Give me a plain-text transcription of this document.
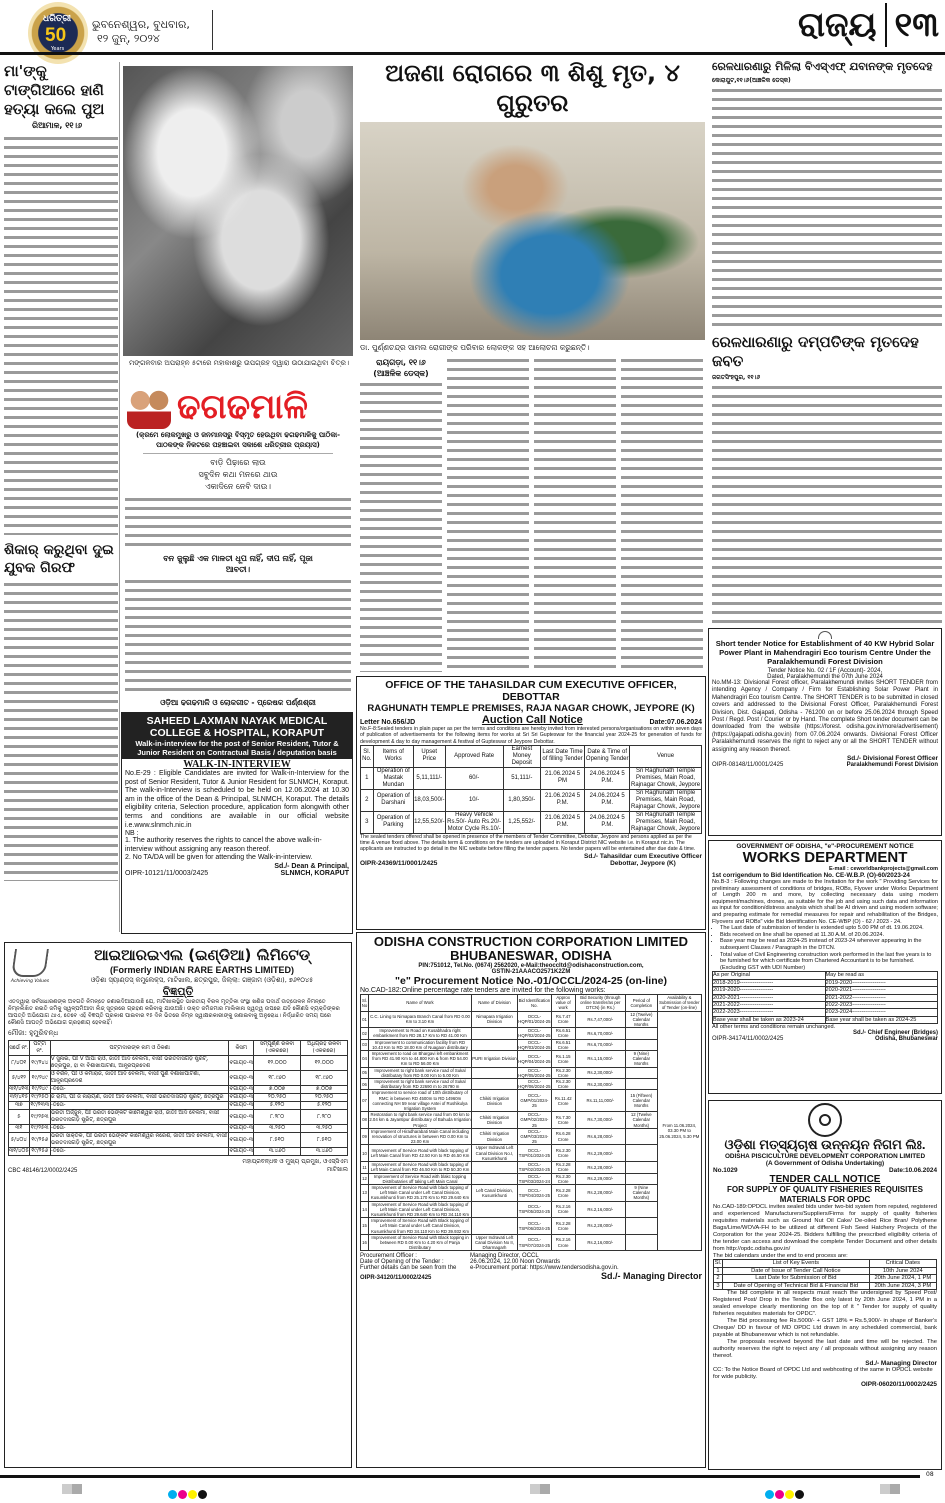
ଧରିତ୍ରୀ
50
Years
ଭୁବନେଶ୍ୱର, ବୁଧବାର,
୧୨ ଜୁନ୍, ୨୦୨୪	ରାଜ୍ୟ ୧୩
ମା'ଙ୍କୁ ଟାଙ୍ଗିଆରେ ହାଣି ହତ୍ୟା କଲେ ପୁଅ
ରିଆମାଳ, ୧୧।୬
ଶିକାର୍ କରୁଥିବା ଦୁଇ ଯୁବକ ଗିରଫ
ମଙ୍ଗଳବାର ଅପରାହ୍ନ ୫ଟାରେ ମହାକାଶରୁ ଉପଗ୍ରହ ଦ୍ୱାରା ଉଠାଯାଇଥିବା ଚିତ୍ର।
ଢଗଢମାଳି
(କ୍ରମେ ଲୋକମୁଖରୁ ଓ ଜନମାନସରୁ ବିସ୍ମୃତ ହେଉଥିବା ଢଗଢମାଳିକୁ ପାଠିକା-ପାଠକଙ୍କ ନିକଟରେ ପହଞ୍ଚାଇବା ସକାଶେ ଧରିତ୍ରୀର ପ୍ରୟାସ)
ବାଡ଼ି ପିଢ଼ାରେ ଲାଉ
ସବୁଦିନ କଥା ମନରେ ଥାଉ
ଏକାଦିନେ ନେବି ଦାଉ।
ବନ ଜୁଲୁଛି ଏକ ମାଳତୀ ଧୂପ ନାହିଁ, ଦୀପ ନାହିଁ, ପୂଜା ଆବତୀ।
ଓଡ଼ିଆ ଢଗଢମାଳି ଓ ଲୋକଗୀତ - ପ୍ରେଷକ ପର୍ଣ୍ଣଶ୍ରୀ
SAHEED LAXMAN NAYAK MEDICAL COLLEGE & HOSPITAL, KORAPUT
Walk-in-interview for the post of Senior Resident, Tutor & Junior Resident on Contractual Basis / deputation basis
WALK-IN-INTERVIEW
No.E-29 : Eligible Candidates are invited for Walk-in-Interview for the post of Senior Resident, Tutor & Junior Resident for SLNMCH, Koraput. The walk-in-Interview is scheduled to be held on 12.06.2024 at 10.30 am in the office of the Dean & Principal, SLNMCH, Koraput. The details eligibility criteria, Selection procedure, application form alongwith other terms and conditions are available in our official website i.e.www.slnmch.nic.in
NB :
1. The authority reserves the rights to cancel the above walk-in-interview without assigning any reason thereof.
2. No TA/DA will be given for attending the Walk-in-interview.
Sd./- Dean & Principal,
OIPR-10121/11/0003/2425	SLNMCH, KORAPUT
ଅଜଣା ରୋଗରେ ୩ ଶିଶୁ ମୃତ, ୪ ଗୁରୁତର
ଡା. ପୁର୍ଣ୍ଣଚନ୍ଦ୍ର ସାମଲ ରୋଗୀଙ୍କ ପରିବାର ଲୋକଙ୍କ ସହ ଆଲୋଚନା କରୁଛନ୍ତି।
ରାୟଗଡ଼ା, ୧୧।୬
(ଆଞ୍ଚଳିକ ଡେସ୍କ)
OFFICE OF THE TAHASILDAR CUM EXECUTIVE OFFICER, DEBOTTAR
RAGHUNATH TEMPLE PREMISES, RAJA NAGAR CHOWK, JEYPORE (K)
Letter No.656/JD	Auction Call Notice	Date:07.06.2024
No.F-8:Sealed tenders in plain paper as per the terms and conditions are hereby invited from interested persons/organisations on within seven days of publication of advertisements for the following items for works at Sri Sri Gupteswar for the financial year 2024-25 for generation of funds for development & day to day management & festival of Gupteswar of Jeypore Debottar.
Sl. No.	Items of Works	Upset Price	Approved Rate	Earnest Money Deposit	Last Date Time of filling Tender	Date & Time of Opening Tender	Venue
1	Operation of Mastak Mundan	5,11,111/-	60/-	51,111/-	21.06.2024 5 PM	24.06.2024 5 P.M.	Sri Raghunath Temple Premises, Main Road, Rajnagar Chowk, Jeypore
2	Operation of Darshani	18,03,500/-	10/-	1,80,350/-	21.06.2024 5 P.M.	24.06.2024 5 P.M.	Sri Raghunath Temple Premises, Main Road, Rajnagar Chowk, Jeypore
3	Operation of Parking	12,55,520/-	Heavy Vehicle Rs.50/- Auto Rs.20/- Motor Cycle Rs.10/-	1,25,552/-	21.06.2024 5 P.M.	24.06.2024 5 P.M.	Sri Raghunath Temple Premises, Main Road, Rajnagar Chowk, Jeypore
The sealed tenders offered shall be opened in presence of the members of Tender Committee, Debottar, Jeypore and persons applied as per the time & venue fixed above. The details term & conditions on the tenders are uploaded in Koraput District NIC website i.e. in Koraput nic.in. The applicants are instructed to go detail in the NIC website before filling the tender papers. No tender papers will be entertained after due date & time.
OIPR-24369/11/0001/2425
Sd./- Tahasildar cum Executive Officer
Debottar, Jeypore (K)
ରେଳଧାରଣାରୁ ମିଳିଲା ବିଏସ୍‌ଏଫ୍ ଯବାନଙ୍କ ମୃତଦେହ
କୋରାପୁଟ,୧୧।୬(ଆଞ୍ଚଳିକ ଡେସ୍କ)
ରେଳଧାରଣାରୁ ଦମ୍ପତିଙ୍କ ମୃତଦେହ ଜବତ
ଜଗତସିଂହପୁର, ୧୧।୬
Short tender Notice for Establishment of 40 KW Hybrid Solar Power Plant in Mahendragiri Eco tourism Centre Under the Paralakhemundi Forest Division
Tender Notice No. 02 / 1F (Account)- 2024,
Dated, Paralakhemundi the 07th June 2024
No.MM-13: Divisional Forest officer, Paralakhemundi invites SHORT TENDER from intending Agency / Company / Firm for Establishing Solar Power Plant in Mahendragiri Eco tourism Centre. The SHORT TENDER is to be submitted in closed covers and addressed to the Divisional Forest Officer, Paralakhemundi Forest Division, Dist. Gajapati, Odisha - 761200 on or before 25.06.2024 through Speed Post / Regd. Post / Courier or by Hand. The complete Short tender document can be downloaded from the website (https://forest. odisha.gov.in/more/advertisement) (https://gajapati.odisha.gov.in) from 07.06.2024 onwards. Divisional Forest Officer Paralakhemundi reserves the right to reject any or all the SHORT TENDER without assigning any reason thereof.
Sd./- Divisional Forest Officer
OIPR-08148/11/0001/2425	Paralakhemundi Forest Division
GOVERNMENT OF ODISHA, "e"-PROCUREMENT NOTICE
WORKS DEPARTMENT
E-mail : ceworldbankprojects@gmail.com
1st corrigendum to Bid Identification No. CE-W.B.P. (O)-60/2023-24
No.B-3 : Following changes are made to the Invitation for the work " Providing Services for preliminary assessment of conditions of bridges, ROBs, Flyover under Works Department of Length 200 m and more, by collecting necessary data using modern equipment/machines, drones, as suitable for the job and using such data and information as input for condition/distress analysis which shall be AI driven and using modern software; and preparing estimate for remedial measures for repair and rehabilitation of the Bridges, Flyovers and ROBs" vide Bid Identification No. CE-WBP (O) - 62 / 2023 - 24.
• The Last date of submission of tender is extended upto 5.00 PM of dt. 19.06.2024.
• Bids received on line shall be opened at 11.30 A.M. of 20.06.2024.
• Base year may be read as 2024-25 instead of 2023-24 wherever appearing in the subsequent Clauses / Paragraph in the DTCN.
• Total value of Civil Engineering construction work performed in the last five years is to be furnished for which certificate from Chartered Accountant is to be furnished. (Excluding GST with UDI Number)
As per Original	May be read as
2018-2019------------------	2019-2020------------------
2019-2020------------------	2020-2021------------------
2020-2021------------------	2021-2022------------------
2021-2022------------------	2022-2023------------------
2022-2023------------------	2023-2024------------------
Base year shall be taken as 2023-24	Base year shall be taken as 2024-25
All other terms and conditions remain unchanged.
Sd./- Chief Engineer (Bridges)
OIPR-34174/11/0002/2425	Odisha, Bhubaneswar
ଓଡ଼ିଶା ମତ୍ସ୍ୟଚାଷ ଉନ୍ନୟନ ନିଗମ ଲିଃ.
ODISHA PISCICULTURE DEVELOPMENT CORPORATION LIMITED
(A Government of Odisha Undertaking)
No.1029	Date:10.06.2024
TENDER CALL NOTICE
FOR SUPPLY OF QUALITY FISHERIES REQUISITES MATERIALS FOR OPDC
No.CAD-189:OPDCL invites sealed bids under two-bid system from reputed, registered and experienced Manufacturers/Suppliers/Firms for supply of quality fisheries requisites materials such as Ground Nut Oil Cake/ De-oiled Rice Bran/ Polythene Bags/Lime/WOVA-FH to be utilized at different Fish Seed Hatchery Projects of the Corporation for the year 2024-25. Bidders fulfilling the prescribed eligibility criteria of the tender can access and download the complete Tender Document and other details from http://opdc.odisha.gov.in/
The bid calendars under the end to end process are:
Sl.	List of Key Events	Critical Dates
1	Date of Issue of Tender Call Notice	10th June 2024
2	Last Date for Submission of Bid	20th June 2024, 1 PM
3	Date of Opening of Technical Bid & Financial Bid	20th June 2024, 3 PM
The bid complete in all respects must reach the undersigned by Speed Post/ Registered Post/ Drop in the Tender Box only latest by 20th June 2024, 1 PM in a sealed envelope clearly mentioning on the top of it " Tender for supply of quality fisheries requisites materials for OPDC".
The Bid processing fee Rs.5000/- + GST 18% = Rs.5,900/- in shape of Banker's Cheque/ DD in favour of MD OPDC Ltd drawn in any scheduled commercial, bank payable at Bhubaneswar which is not refundable.
The proposals received beyond the last date and time will be rejected. The authority reserves the right to reject any / all proposals without assigning any reason thereof.
Sd./- Managing Director
CC: To the Notice Board of OPDC Ltd and webhosting of the same in OPDCL website for wide publicity.
OIPR-06020/11/0002/2425
ODISHA CONSTRUCTION CORPORATION LIMITED
BHUBANESWAR, ODISHA
PIN:751012, Tel.No. (0674) 2562020, e-Mail:theoccltd@odishaconstruction.com,
GSTIN-21AAACO2571K2ZM
"e" Procurement Notice No.-01/OCCL/2024-25 (on-line)
No.CAD-182:Online percentage rate tenders are invited for the following works:
Sl. No	Name of Work	Name of Division	Bid Identification No.	Approx value of work	Bid Security (through online transfer/as per DTCN) (in Rs.)	Period of Completion	Availability & Submission of tender of Tender (on-line)
01	C.C. Lining to Nimapara Branch Canal from RD 0.00 Km to 3.10 Km	Nimapara Irrigation Division	OCCL-HQP/01/2024-25	Rs.7.47 Crore	Rs.7,47,000/-	12 (Twelve) Calendar Months	From 11.06.2024, 03.30 PM to 25.06.2024, 5.30 PM
02	Improvement to Road on Kusabhadra right embankment from RD 28.17 Km to RD 41.00 Km		OCCL-HQP/02/2024-25	Rs.6.51 Crore	Rs.6,70,000/-		
03	Improvement to communication facility from RD 10.43 Km to RD 18.00 Km of Nuagaon distributary		OCCL-HQP/03/2024-25	Rs.6.51 Crore	Rs.6,70,000/-		
04	Improvement to road on Bhargavi left embankment from RD 41.90 Km to 44.800 Km & from RD 54.00 Km to RD 56.00 Km	PURI Irrigation Division	OCCL-HQP/04/2024-25	Rs.1.15 Crore	Rs.1,15,000/-	9 (Nine) Calendar Months	
05	Improvement to right bank service road of Sukal distributary from RD 0.00 Km to 5.00 Km		OCCL-HQP/05/2024-25	Rs.2.30 Crore	Rs.2,30,000/-		
06	Improvement to right bank service road of Sukal distributary from RD 22690 m to 26790 m		OCCL-HQP/06/2024-25	Rs.2.30 Crore	Rs.2,30,000/-		
07	Improvement to service road of 10th distributary of RMC in between RD 4500m to RD 14960m connecting NH 59 near village Antei of Rushikulya Irrigation System	Chikiti Irrigation Division	OCCL-GMP/01/2024-25	Rs.11.42 Crore	Rs.11,11,000/-	15 (Fifteen) Calendar Months	
08	Restoration to right bank service road from 00 km to 2.04 km & Jayantipur distributary of Bahuda Irrigation Project	Chikiti Irrigation Division	OCCL-GMP/02/2024-25	Rs.7.30 Crore	Rs.7,30,000/-	12 (Twelve Calendar Months)	
09	Improvement of Hiradharabati Main Canal including renovation of structures in between RD 0.00 Km to 23.00 Km	Chikiti Irrigation Division	OCCL-GMP/03/2024-25	Rs.6.28 Crore	Rs.6,28,000/-		
10	Improvement of Service Road with black topping of Left Main Canal from RD 42.50 Km to RD 46.50 Km	Upper Indravati Left Canal Division No.I, Kusumkhunti	OCCL-TSP/01/2024-25	Rs.2.30 Crore	Rs.2,29,000/-		
11	Improvement of Service Road with black topping of Left Main Canal from RD 46.50 Km to RD 50.30 Km		OCCL-TSP/02/2024-25	Rs.2.28 Crore	Rs.2,28,000/-		
12	Improvement of Service Road with blakc topping Distributaries off taking Left Main Canal		OCCL-TSP/03/2024-24	Rs.2.30 Crore	Rs.2,29,000/-		
13	Improvement of Service Road with black topping of Left Main Canal under Left Canal Division, Kusumkhunti from RD 25.170 Km to RD 29.640 Km	Left Canal Division, Kusumkhunti	OCCL-TSP/04/2024-25	Rs.2.28 Crore	Rs.2,28,000/-	9 (Nine Calendar Months)	
14	Improvement of Service Road with black topping of Left Main Canal under Left Canal Division, Kusumkhunti from RD 29.640 Km to RD 34.110 Km		OCCL-TSP/05/2024-25	Rs.2.16 Crore	Rs.2,16,000/-		
15	Improvement of Service Road with Black topping of Left Main Canal under Left Canal Division, Kusumkhunti from RD 34.110 Km to RD 39.932 Km		OCCL-TSP/06/2024-25	Rs.2.28 Crore	Rs.2,28,000/-		
16	Improvement of Service Road with Black topping in between RD 0.00 Km to 4.20 Km of Panja Distributary	Upper Indravati Left Canal Division No II, Dharmagarh	OCCL-TSP/07/2024-25	Rs.2.16 Crore	Rs.2,16,000/-		
Procurement Officer :	Managing Director, OCCL
Date of Opening of the Tender :	26.06.2024, 12.00 Noon Onwards
Further details can be seen from the	e-Procurement portal: https://www.tendersodisha.gov.in.
OIPR-34120/11/0002/2425	Sd./- Managing Director
Achieving Values
ଆଇଆରଇଏଲ (ଇଣ୍ଡିଆ) ଲିମିଟେଡ୍
(Formerly INDIAN RARE EARTHS LIMITED)
ଓଡ଼ିଶା ସ୍ୟାଣ୍ଡସ୍ କମ୍ପ୍ଲେକ୍ସ, ମାଟିଖାଲ, ଛତ୍ରପୁର, ଜିଲ୍ଲା: ଗଞ୍ଜାମ (ଓଡ଼ିଶା), ୭୬୧୦୪୫
ବିଜ୍ଞପ୍ତି
ଏତଦ୍ୱାରା ସର୍ବସାଧାରଣଙ୍କ ଅବଗତି ନିମନ୍ତେ ଜଣାଇଦିଆଯାଉଛି ଯେ, ମାଟିଖାଲସ୍ଥିତ ଭାରତୀୟ ବିରଳ ମୃତ୍ତିକା ସଂସ୍ଥା ଖଣିଜ ପଦାର୍ଥ ଉତ୍ତୋଳନ ନିମନ୍ତେ ନିମ୍ନଲିଖିତ ରଇତି ଜମିକୁ ସ୍ୱଳ୍ପମିଆଦୀ ଲିଜ୍ ସୂତ୍ରରେ ଗ୍ରହଣ କରିବାକୁ ଯାଉଅଛି। ଉକ୍ତ ଜମିଜମାର ମାଲିକାନା ସ୍ୱତ୍ୱ ଉପରେ ଯଦି କୌଣସି ବ୍ୟକ୍ତିଙ୍କର ଆପତ୍ତି ଅଭିଯୋଗ ଥାଏ, ତେବେ ଏହି ବିଜ୍ଞପ୍ତି ପ୍ରକାଶ ପାଇବାର ୧୫ ଦିନ ଭିତରେ ନିମ୍ନ ସ୍ୱାକ୍ଷରକାରୀଙ୍କୁ ଜଣାଇବାକୁ ଅନୁରୋଧ। ନିର୍ଦ୍ଧାରିତ ସମୟ ପରେ କୌଣସି ଆପତ୍ତି ଅଭିଯୋଗ ଗ୍ରହଣୀୟ ହେବନାହିଁ।
ମୌଜା: ହୁମୁରିବନ୍ଧ
ସର୍ଭେ ନଂ.	ପଟ୍ଟା ନଂ.	ପଟ୍ଟାଦାରଙ୍କ ନାମ ଓ ଠିକଣା	କିସମ	ସମ୍ପୂର୍ଣ୍ଣ ରକବା (ଏକରରେ)	ଅଧିଗ୍ରହ ରକବା (ଏକରରେ)
୮/୪୦୧	୧୯/୨୪୪	V ସୁନାଇ, ପିଃ V ଆପା ରାଓ, ଜାତିଃ ଆଦି ବେଲମା, ବାସଃ ଭରତଦାସଗଡ଼ି ଷ୍ଟ୍ରିଟ୍, ଛତ୍ରପୁର, ହା ବା ବିଶାଖାପାଟଣା, ଆନ୍ଧ୍ରପ୍ରଦେଶ	ବଗାୟତ-୩	୧୨.୦୦୦	୧୨.୦୦୦
୫/୪୧୨	୧୯/୨୪୯	ଓ ବିର୍ରନ, ପିଃ ଓ କମାରାଜ, ଜାତିଃ ଆଦି ବେଲମା, ବାସଃ ପୁଣି ବିଶାଖାପାଟଣା, ଆନ୍ଧ୍ରପ୍ରଦେଶ	ବଗାୟତ-୩	୧୮.୯୬୦	୧୮.୯୬୦
୩୧/୪୧୩	୧୯/୨୪୯	-ତିତୋ-	ବଗାୟତ-୩	୭.୦୦୭	୭.୦୦୭
୩୨/୪୧୫	୧୯/୨୫୦	ଜି ରାମା, ପିଃ ଜି ନାରାୟଣ, ଜାତିଃ ଆଦି ବେଲମା, ବାସଃ ଭରତଦାସଗଡ଼ି ଷ୍ଟ୍ରିଟ୍, ଛତ୍ରପୁର	ବଗାୟତ-୩	୨୦.୨୫୦	୨୦.୨୫୦
୩୭	୧୯/୨୩୩	-ତିତୋ-	ବଗାୟତ-୩	୫.୧୨୦	୫.୧୨୦
୫	୧୯/୨୫୩	ଭରତୀ ଅର୍ଜ୍ଜୁନ, ପିଃ ଭରତୀ ଭେଙ୍କଟ କାମେଶ୍ୱର ରାଓ, ଜାତିଃ ଆଦି ବେଲମା, ବାସଃ ଭରତଦାସଗଡ଼ି ଷ୍ଟ୍ରିଟ୍, ଛତ୍ରପୁର	ବଗାୟତ-୩	୮.୨୮୦	୮.୨୮୦
୩୧	୧୯/୨୫୩	-ତିତୋ-	ବଗାୟତ-୩	୩.୨୫୦	୩.୨୫୦
୫/୪୦୪	୧୯/୨୫୬	ଭରତୀ ସାକ୍ତିକ, ପିଃ ଭରତୀ ଭେଙ୍କଟ କାମେଶ୍ୱର ନରେଶ, ଜାତିଃ ଆଦି ବେଲମା, ବାସଃ ଭରତଦାସଗଡ଼ି ଷ୍ଟ୍ରିଟ୍, ଛତ୍ରପୁର	ବଗାୟତ-୩	୮.୫୧୦	୮.୫୧୦
୩୧/୪୦୫	୧୯/୨୫୬	-ତିତୋ-	ବଗାୟତ-୩	୩.୪୬୦	୩.୪୬୦
CBC 48146/12/0002/2425
ମହାପ୍ରବନ୍ଧକ ଓ ମୁଖ୍ୟ ପ୍ରମୁଖ, ଓଏସ୍‌ସିଏମ
ମାଟିଖାଲ
08
